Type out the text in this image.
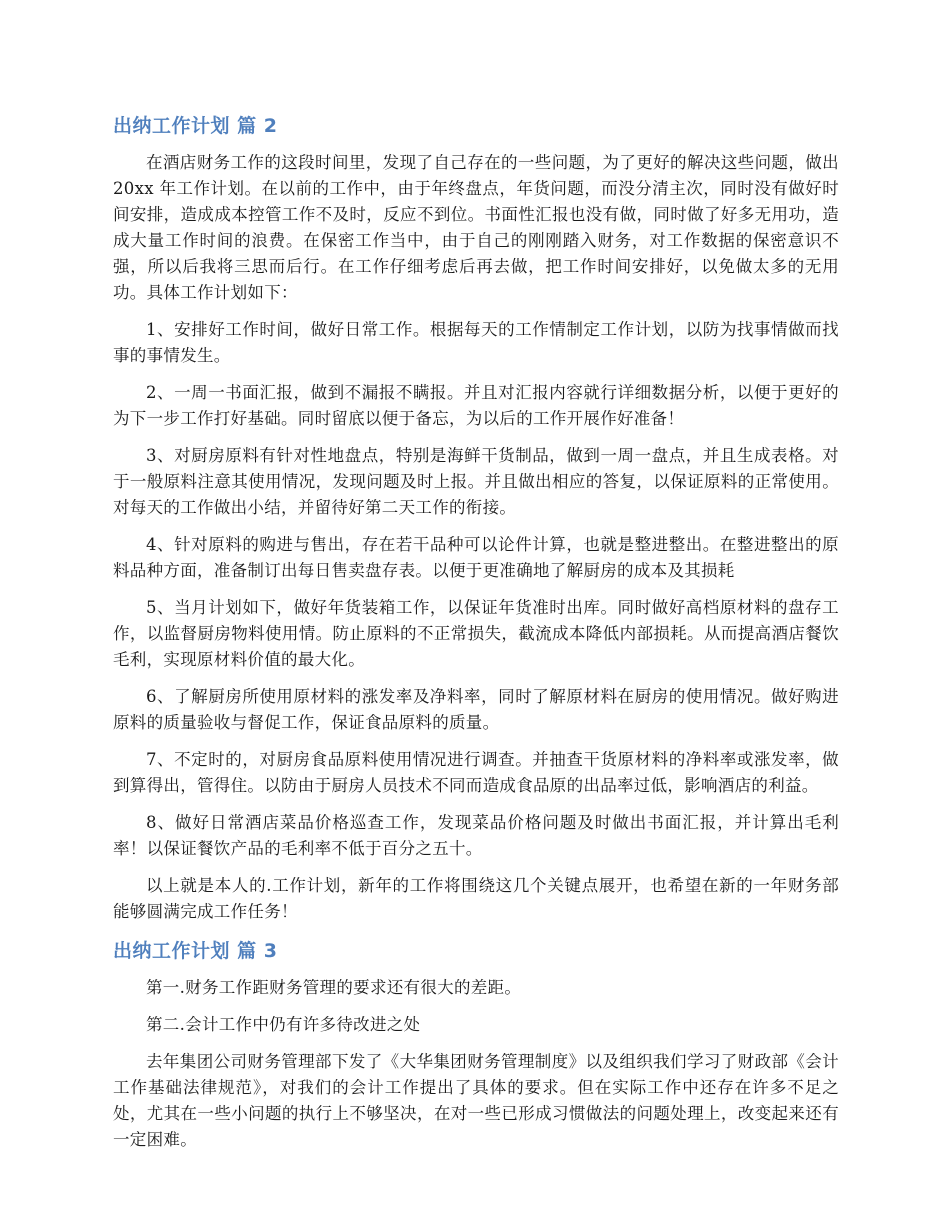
出纳工作计划 篇 2

在酒店财务工作的这段时间里，发现了自己存在的一些问题，为了更好的解决这些问题，做出 20xx 年工作计划。在以前的工作中，由于年终盘点，年货问题，而没分清主次，同时没有做好时间安排，造成成本控管工作不及时，反应不到位。书面性汇报也没有做，同时做了好多无用功，造成大量工作时间的浪费。在保密工作当中，由于自己的刚刚踏入财务，对工作数据的保密意识不强，所以后我将三思而后行。在工作仔细考虑后再去做，把工作时间安排好，以免做太多的无用功。具体工作计划如下：

1、安排好工作时间，做好日常工作。根据每天的工作情制定工作计划，以防为找事情做而找事的事情发生。

2、一周一书面汇报，做到不漏报不瞒报。并且对汇报内容就行详细数据分析，以便于更好的为下一步工作打好基础。同时留底以便于备忘，为以后的工作开展作好准备！

3、对厨房原料有针对性地盘点，特别是海鲜干货制品，做到一周一盘点，并且生成表格。对于一般原料注意其使用情况，发现问题及时上报。并且做出相应的答复，以保证原料的正常使用。对每天的工作做出小结，并留待好第二天工作的衔接。

4、针对原料的购进与售出，存在若干品种可以论件计算，也就是整进整出。在整进整出的原料品种方面，准备制订出每日售卖盘存表。以便于更准确地了解厨房的成本及其损耗

5、当月计划如下，做好年货装箱工作，以保证年货准时出库。同时做好高档原材料的盘存工作，以监督厨房物料使用情。防止原料的不正常损失，截流成本降低内部损耗。从而提高酒店餐饮毛利，实现原材料价值的最大化。

6、了解厨房所使用原材料的涨发率及净料率，同时了解原材料在厨房的使用情况。做好购进原料的质量验收与督促工作，保证食品原料的质量。

7、不定时的，对厨房食品原料使用情况进行调查。并抽查干货原材料的净料率或涨发率，做到算得出，管得住。以防由于厨房人员技术不同而造成食品原的出品率过低，影响酒店的利益。

8、做好日常酒店菜品价格巡查工作，发现菜品价格问题及时做出书面汇报，并计算出毛利率！以保证餐饮产品的毛利率不低于百分之五十。

以上就是本人的.工作计划，新年的工作将围绕这几个关键点展开，也希望在新的一年财务部能够圆满完成工作任务！

出纳工作计划 篇 3

第一.财务工作距财务管理的要求还有很大的差距。

第二.会计工作中仍有许多待改进之处

去年集团公司财务管理部下发了《大华集团财务管理制度》以及组织我们学习了财政部《会计工作基础法律规范》，对我们的会计工作提出了具体的要求。但在实际工作中还存在许多不足之处，尤其在一些小问题的执行上不够坚决，在对一些已形成习惯做法的问题处理上，改变起来还有一定困难。
